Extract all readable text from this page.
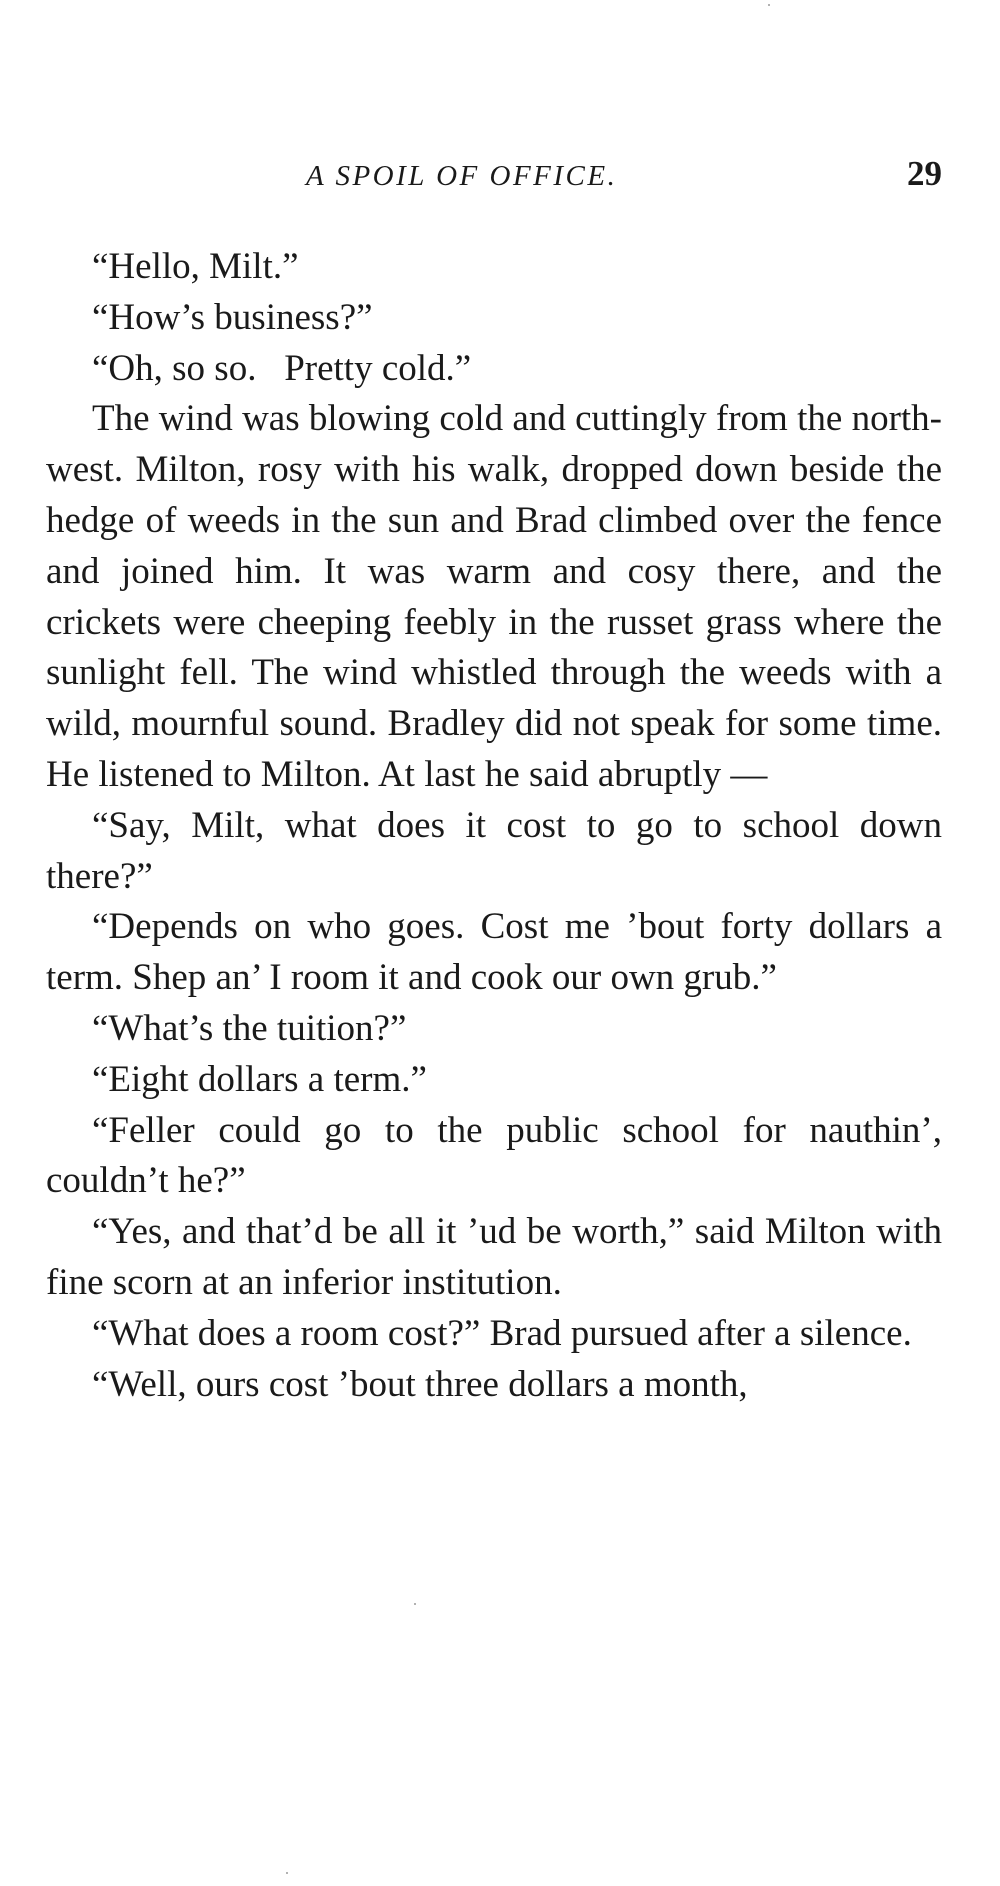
A SPOIL OF OFFICE.	29

“Hello, Milt.”

“How’s business?”

“Oh, so so.   Pretty cold.”

The wind was blowing cold and cuttingly from the north-west. Milton, rosy with his walk, dropped down beside the hedge of weeds in the sun and Brad climbed over the fence and joined him. It was warm and cosy there, and the crickets were cheeping feebly in the russet grass where the sunlight fell. The wind whistled through the weeds with a wild, mournful sound. Bradley did not speak for some time. He listened to Milton. At last he said abruptly —

“Say, Milt, what does it cost to go to school down there?”

“Depends on who goes. Cost me ’bout forty dollars a term. Shep an’ I room it and cook our own grub.”

“What’s the tuition?”

“Eight dollars a term.”

“Feller could go to the public school for nauthin’, couldn’t he?”

“Yes, and that’d be all it ’ud be worth,” said Milton with fine scorn at an inferior institution.

“What does a room cost?” Brad pursued after a silence.

“Well, ours cost ’bout three dollars a month,
